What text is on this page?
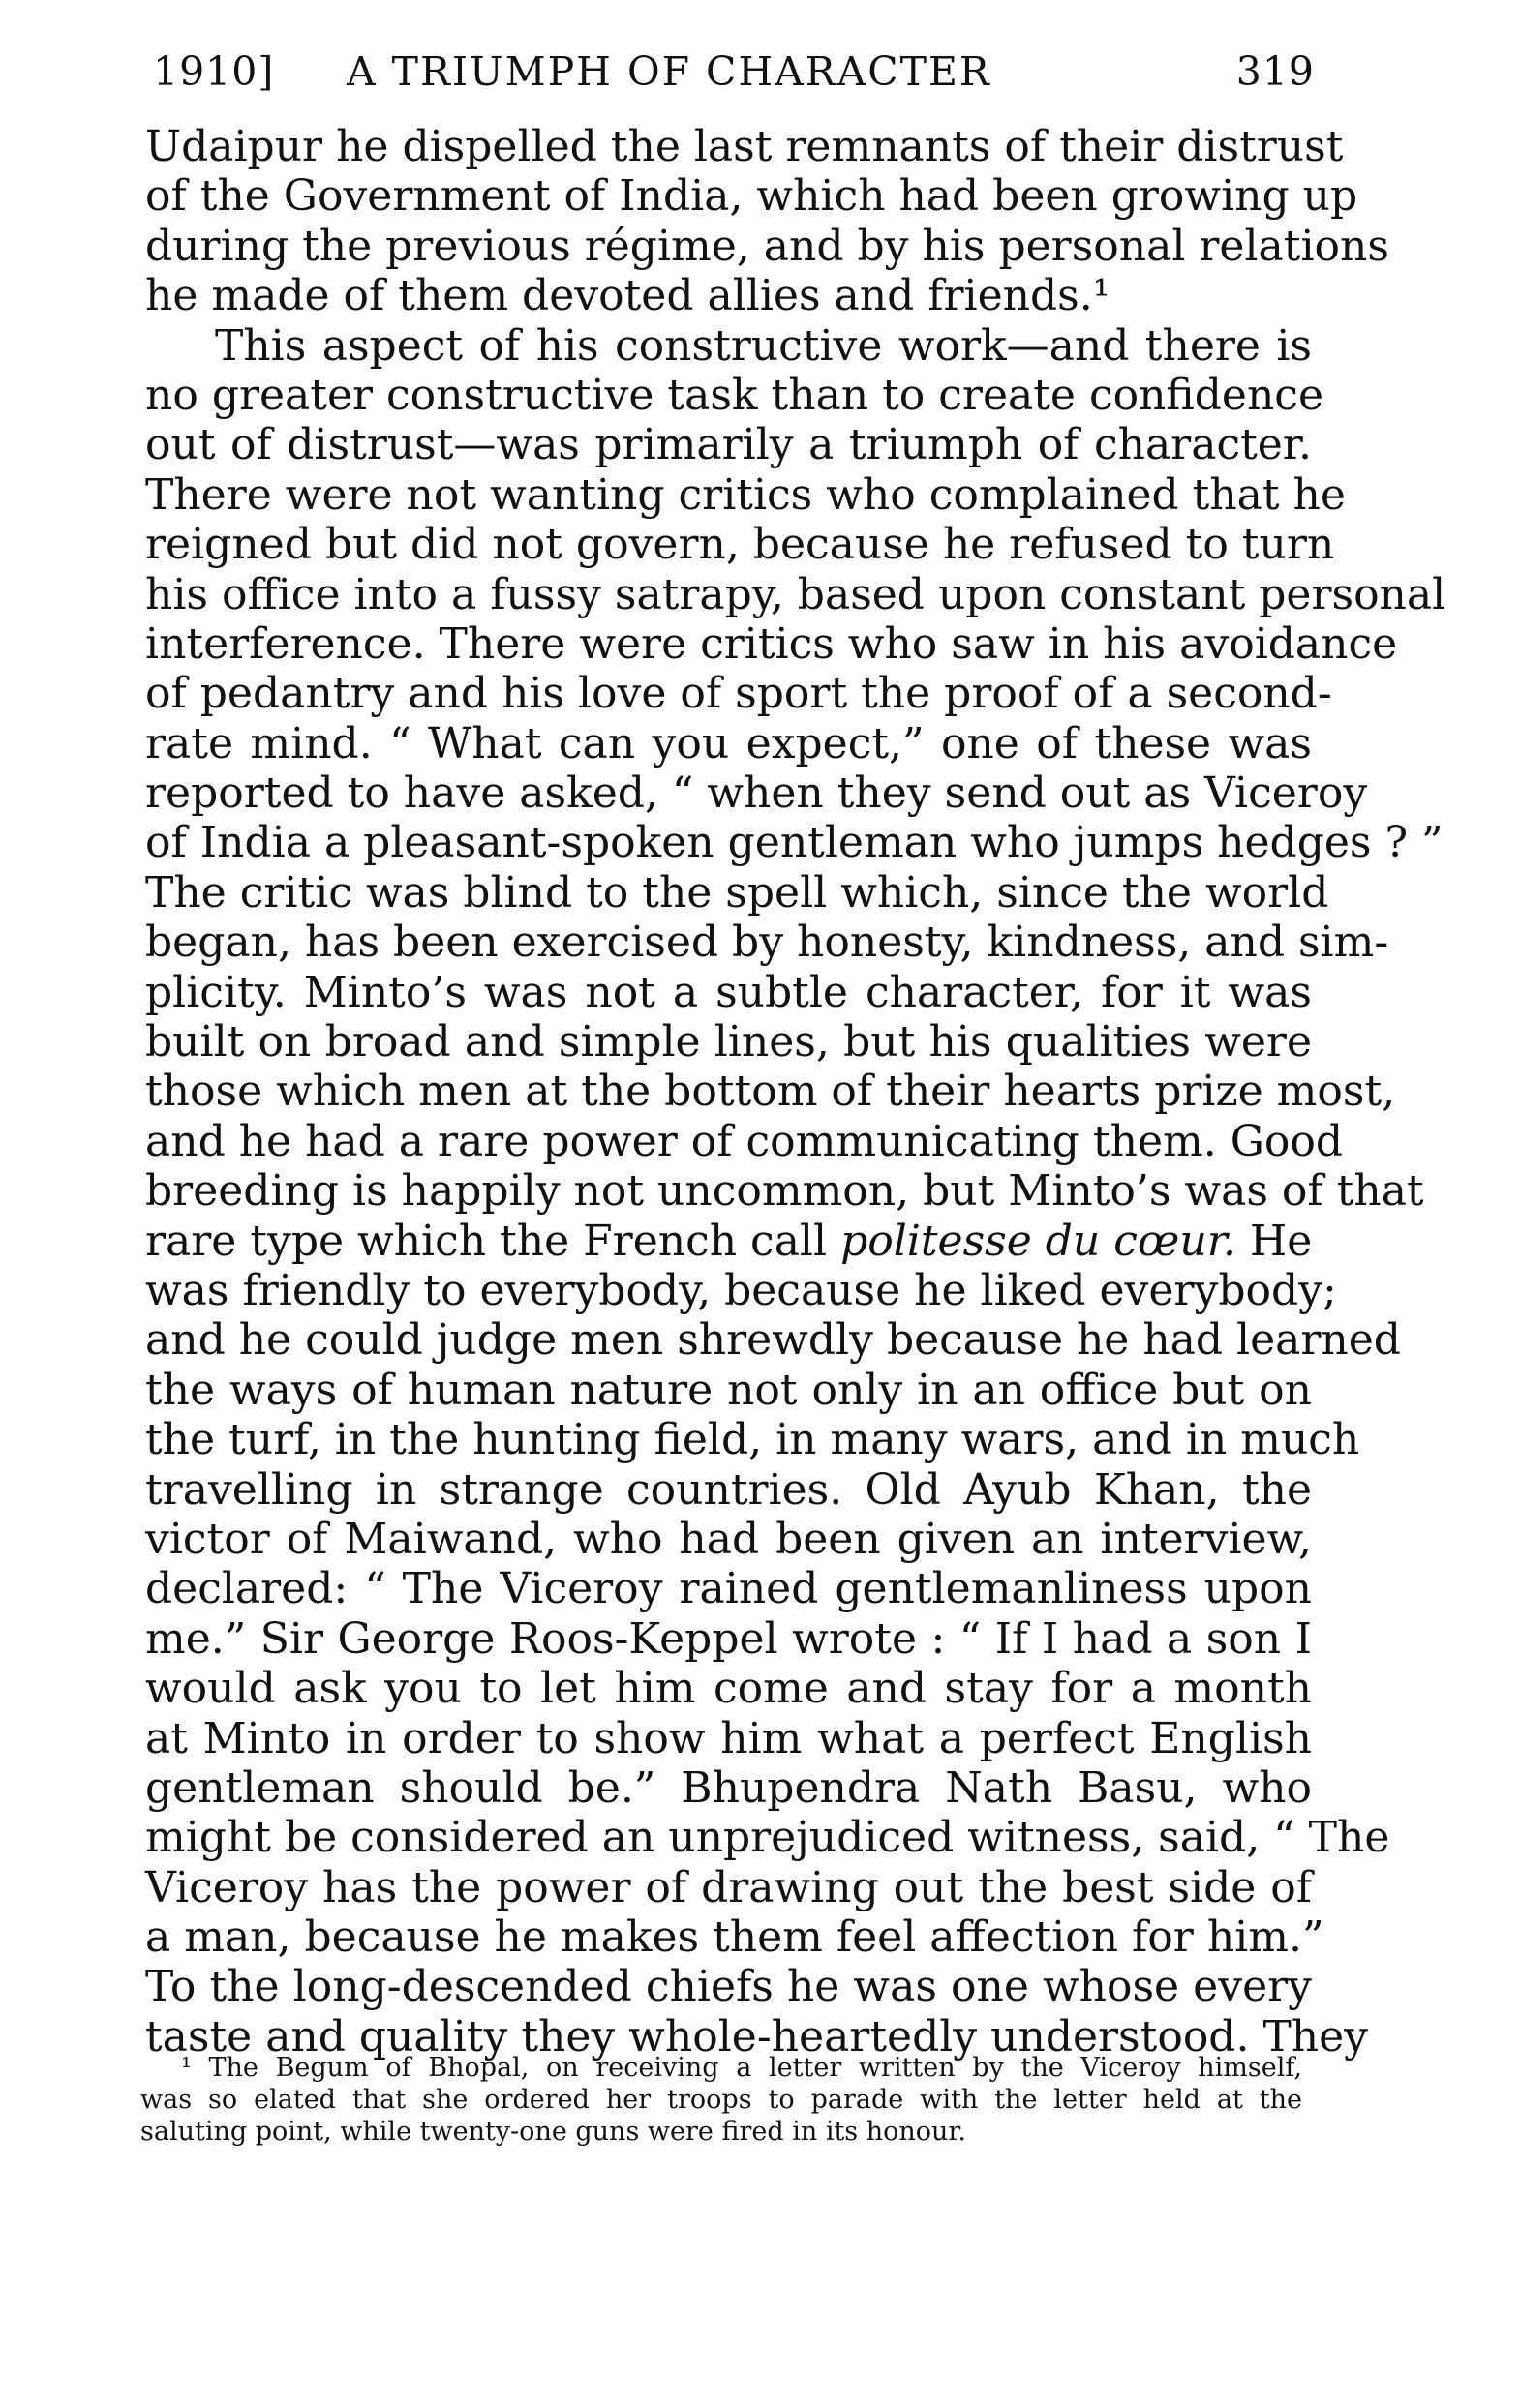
1910] A TRIUMPH OF CHARACTER	319
Udaipur he dispelled the last remnants of their distrust
of the Government of India, which had been growing up
during the previous régime, and by his personal relations
he made of them devoted allies and friends.¹
This aspect of his constructive work—and there is
no greater constructive task than to create confidence
out of distrust—was primarily a triumph of character.
There were not wanting critics who complained that he
reigned but did not govern, because he refused to turn
his office into a fussy satrapy, based upon constant personal
interference. There were critics who saw in his avoidance
of pedantry and his love of sport the proof of a second-
rate mind. “ What can you expect,” one of these was
reported to have asked, “ when they send out as Viceroy
of India a pleasant-spoken gentleman who jumps hedges ? ”
The critic was blind to the spell which, since the world
began, has been exercised by honesty, kindness, and sim-
plicity. Minto’s was not a subtle character, for it was
built on broad and simple lines, but his qualities were
those which men at the bottom of their hearts prize most,
and he had a rare power of communicating them. Good
breeding is happily not uncommon, but Minto’s was of that
rare type which the French call politesse du cœur. He
was friendly to everybody, because he liked everybody;
and he could judge men shrewdly because he had learned
the ways of human nature not only in an office but on
the turf, in the hunting field, in many wars, and in much
travelling in strange countries. Old Ayub Khan, the
victor of Maiwand, who had been given an interview,
declared: “ The Viceroy rained gentlemanliness upon
me.” Sir George Roos-Keppel wrote : “ If I had a son I
would ask you to let him come and stay for a month
at Minto in order to show him what a perfect English
gentleman should be.” Bhupendra Nath Basu, who
might be considered an unprejudiced witness, said, “ The
Viceroy has the power of drawing out the best side of
a man, because he makes them feel affection for him.”
To the long-descended chiefs he was one whose every
taste and quality they whole-heartedly understood. They
¹ The Begum of Bhopal, on receiving a letter written by the Viceroy himself,
was so elated that she ordered her troops to parade with the letter held at the
saluting point, while twenty-one guns were fired in its honour.
